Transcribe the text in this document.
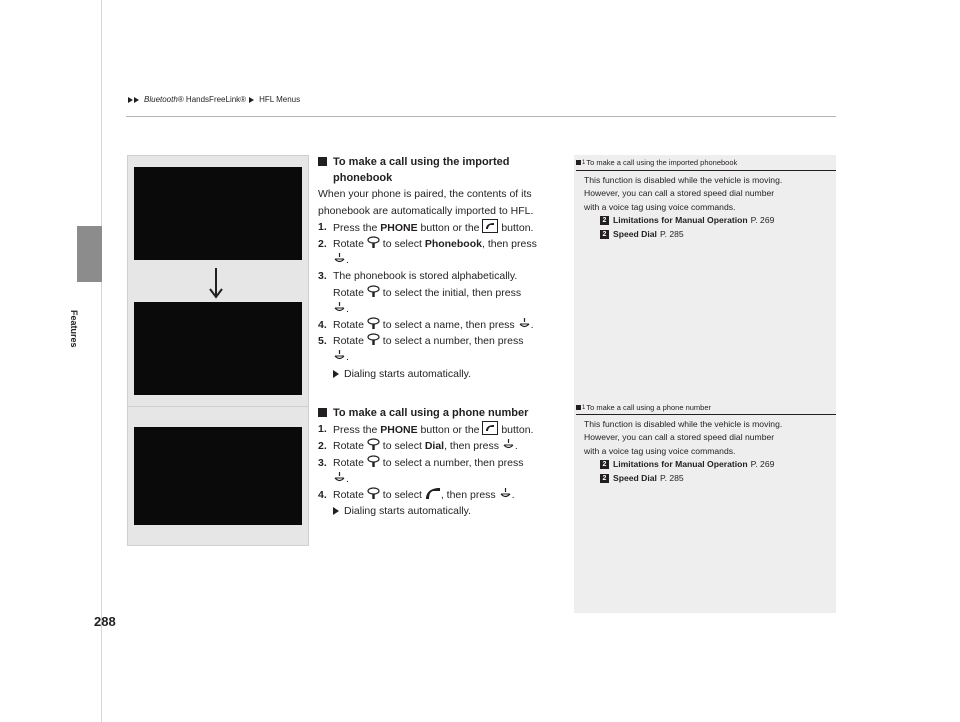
Bluetooth ® HandsFreeLink® HFL Menus
Features
288
To make a call using the imported phonebook
When your phone is paired, the contents of its phonebook are automatically imported to HFL.
1. Press the PHONE button or the  button.
2. Rotate  to select Phonebook, then press
.
3. The phonebook is stored alphabetically.
Rotate  to select the initial, then press
.
4. Rotate  to select a name, then press .
5. Rotate  to select a number, then press
.
Dialing starts automatically.
To make a call using a phone number
1. Press the PHONE button or the  button.
2. Rotate  to select Dial, then press .
3. Rotate  to select a number, then press
.
4. Rotate  to select , then press .
Dialing starts automatically.
1 To make a call using the imported phonebook
This function is disabled while the vehicle is moving.
However, you can call a stored speed dial number
with a voice tag using voice commands.
2 Limitations for Manual Operation P. 269
2 Speed Dial P. 285
1 To make a call using a phone number
This function is disabled while the vehicle is moving.
However, you can call a stored speed dial number
with a voice tag using voice commands.
2 Limitations for Manual Operation P. 269
2 Speed Dial P. 285
